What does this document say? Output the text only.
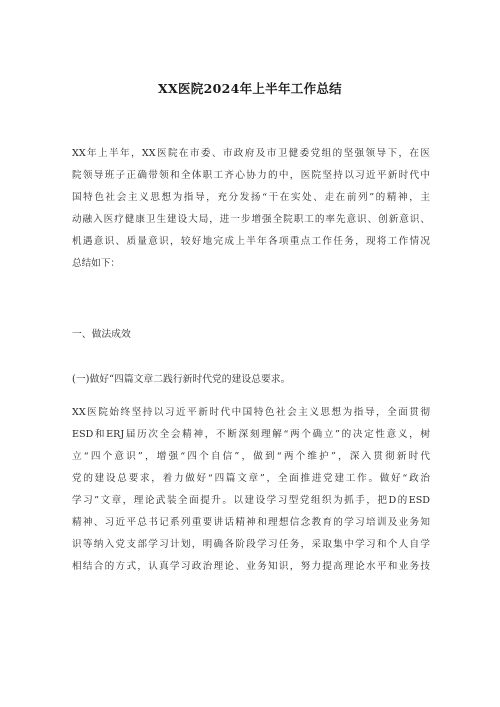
XX医院2024年上半年工作总结
XX年上半年，XX医院在市委、市政府及市卫健委党组的坚强领导下，在医
院领导班子正确带领和全体职工齐心协力的中，医院坚持以习近平新时代中
国特色社会主义思想为指导，充分发扬“干在实处、走在前列”的精神，主
动融入医疗健康卫生建设大局，进一步增强全院职工的率先意识、创新意识、
机遇意识、质量意识，较好地完成上半年各项重点工作任务，现将工作情况
总结如下：
一、做法成效
(一)做好“四篇文章二践行新时代党的建设总要求。
XX医院始终坚持以习近平新时代中国特色社会主义思想为指导，全面贯彻
ESD和ERJ届历次全会精神，不断深刻理解“两个确立”的决定性意义，树
立“四个意识”，增强“四个自信”，做到“两个维护”，深入贯彻新时代
党的建设总要求，着力做好“四篇文章”，全面推进党建工作。做好“政治
学习”文章，理论武装全面提升。以建设学习型党组织为抓手，把D的ESD
精神、习近平总书记系列重要讲话精神和理想信念教育的学习培训及业务知
识等纳入党支部学习计划，明确各阶段学习任务，采取集中学习和个人自学
相结合的方式，认真学习政治理论、业务知识，努力提高理论水平和业务技
